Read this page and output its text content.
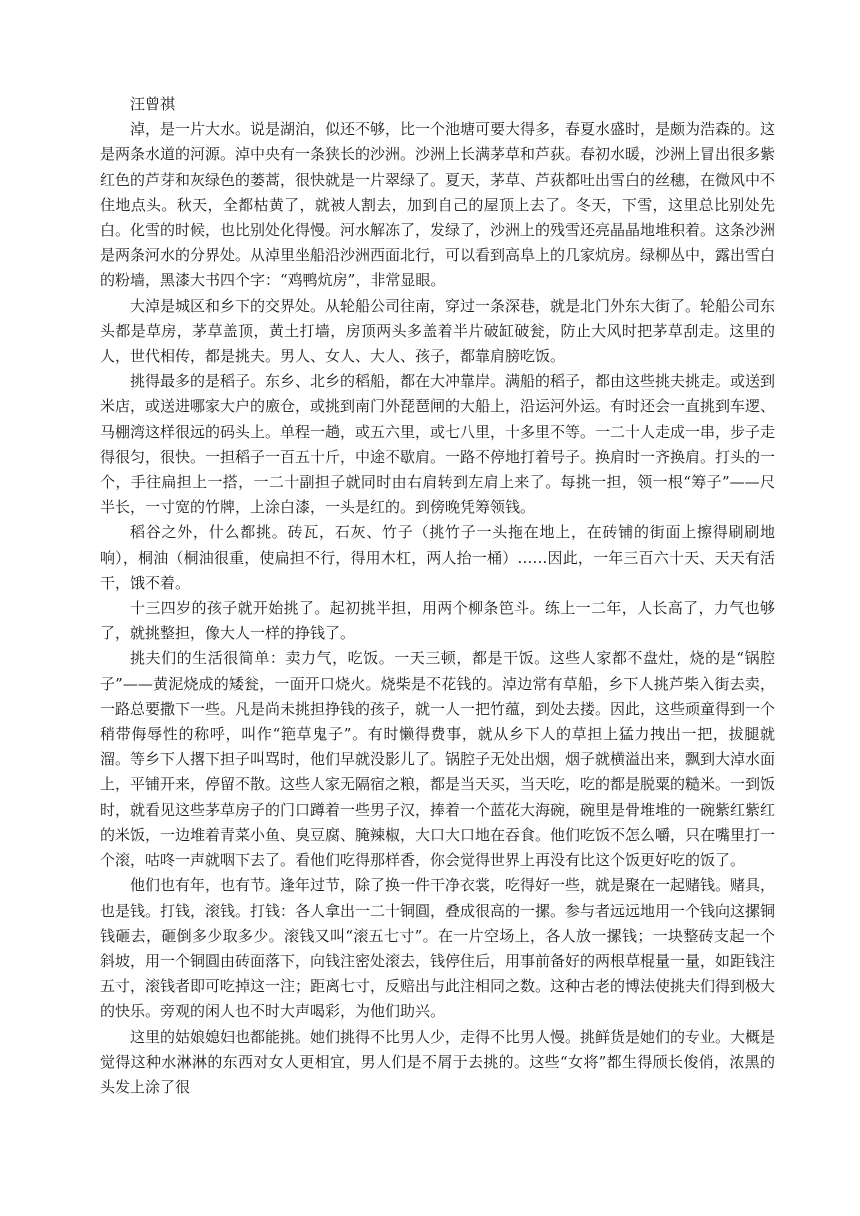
汪曾祺

淖，是一片大水。说是湖泊，似还不够，比一个池塘可要大得多，春夏水盛时，是颇为浩森的。这是两条水道的河源。淖中央有一条狭长的沙洲。沙洲上长满茅草和芦荻。春初水暖，沙洲上冒出很多紫红色的芦芽和灰绿色的蒌蒿，很快就是一片翠绿了。夏天，茅草、芦荻都吐出雪白的丝穗，在微风中不住地点头。秋天，全都枯黄了，就被人割去，加到自己的屋顶上去了。冬天，下雪，这里总比别处先白。化雪的时候，也比别处化得慢。河水解冻了，发绿了，沙洲上的残雪还亮晶晶地堆积着。这条沙洲是两条河水的分界处。从淖里坐船沿沙洲西面北行，可以看到高阜上的几家炕房。绿柳丛中，露出雪白的粉墙，黑漆大书四个字：“鸡鸭炕房”，非常显眼。

大淖是城区和乡下的交界处。从轮船公司往南，穿过一条深巷，就是北门外东大街了。轮船公司东头都是草房，茅草盖顶，黄土打墙，房顶两头多盖着半片破缸破瓮，防止大风时把茅草刮走。这里的人，世代相传，都是挑夫。男人、女人、大人、孩子，都靠肩膀吃饭。

挑得最多的是稻子。东乡、北乡的稻船，都在大冲靠岸。满船的稻子，都由这些挑夫挑走。或送到米店，或送进哪家大户的廒仓，或挑到南门外琵琶闸的大船上，沿运河外运。有时还会一直挑到车逻、马棚湾这样很远的码头上。单程一趟，或五六里，或七八里，十多里不等。一二十人走成一串，步子走得很匀，很快。一担稻子一百五十斤，中途不歇肩。一路不停地打着号子。换肩时一齐换肩。打头的一个，手往扁担上一搭，一二十副担子就同时由右肩转到左肩上来了。每挑一担，领一根“筹子”——尺半长，一寸宽的竹牌，上涂白漆，一头是红的。到傍晚凭筹领钱。

稻谷之外，什么都挑。砖瓦，石灰、竹子（挑竹子一头拖在地上，在砖铺的街面上擦得刷刷地响），桐油（桐油很重，使扁担不行，得用木杠，两人抬一桶）……因此，一年三百六十天、天天有活干，饿不着。

十三四岁的孩子就开始挑了。起初挑半担，用两个柳条笆斗。练上一二年，人长高了，力气也够了，就挑整担，像大人一样的挣钱了。

挑夫们的生活很简单：卖力气，吃饭。一天三顿，都是干饭。这些人家都不盘灶，烧的是“锅腔子”——黄泥烧成的矮瓮，一面开口烧火。烧柴是不花钱的。淖边常有草船，乡下人挑芦柴入街去卖，一路总要撒下一些。凡是尚未挑担挣钱的孩子，就一人一把竹蕴，到处去搂。因此，这些顽童得到一个稍带侮辱性的称呼，叫作“筢草鬼子”。有时懒得费事，就从乡下人的草担上猛力拽出一把，拔腿就溜。等乡下人撂下担子叫骂时，他们早就没影儿了。锅腔子无处出烟，烟子就横溢出来，飘到大淖水面上，平铺开来，停留不散。这些人家无隔宿之粮，都是当天买，当天吃，吃的都是脱粟的糙米。一到饭时，就看见这些茅草房子的门口蹲着一些男子汉，捧着一个蓝花大海碗，碗里是骨堆堆的一碗紫红紫红的米饭，一边堆着青菜小鱼、臭豆腐、腌辣椒，大口大口地在吞食。他们吃饭不怎么嚼，只在嘴里打一个滚，咕咚一声就咽下去了。看他们吃得那样香，你会觉得世界上再没有比这个饭更好吃的饭了。

他们也有年，也有节。逢年过节，除了换一件干净衣裳，吃得好一些，就是聚在一起赌钱。赌具，也是钱。打钱，滚钱。打钱：各人拿出一二十铜圓，叠成很高的一摞。参与者远远地用一个钱向这摞铜钱砸去，砸倒多少取多少。滚钱又叫“滚五七寸”。在一片空场上，各人放一摞钱；一块整砖支起一个斜坡，用一个铜圓由砖面落下，向钱注密处滚去，钱停住后，用事前备好的两根草棍量一量，如距钱注五寸，滚钱者即可吃掉这一注；距离七寸，反赔出与此注相同之数。这种古老的博法使挑夫们得到极大的快乐。旁观的闲人也不时大声喝彩，为他们助兴。

这里的姑娘媳妇也都能挑。她们挑得不比男人少，走得不比男人慢。挑鲜货是她们的专业。大概是觉得这种水淋淋的东西对女人更相宜，男人们是不屑于去挑的。这些“女将”都生得颀长俊俏，浓黑的头发上涂了很
